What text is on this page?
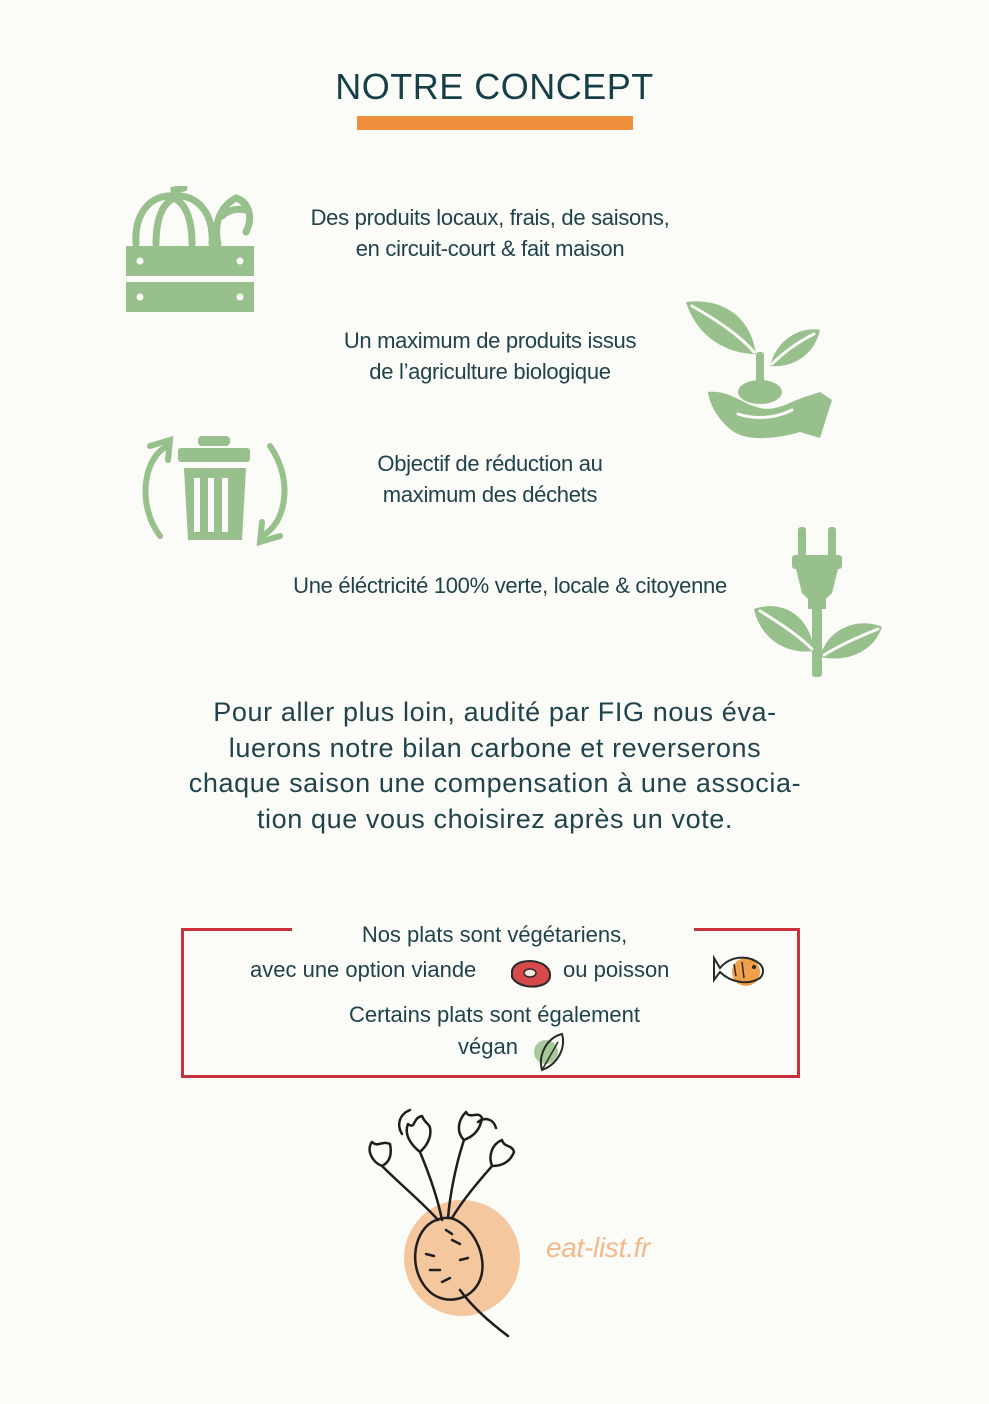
NOTRE CONCEPT
Des produits locaux, frais, de saisons,
en circuit-court & fait maison
Un maximum de produits issus
de l’agriculture biologique
Objectif de réduction au
maximum des déchets
Une éléctricité 100% verte, locale & citoyenne
Pour aller plus loin, audité par FIG nous éva-
luerons notre bilan carbone et reverserons
chaque saison une compensation à une associa-
tion que vous choisirez après un vote.
Nos plats sont végétariens,
avec une option viande	ou poisson
Certains plats sont également
végan
eat-list.fr
